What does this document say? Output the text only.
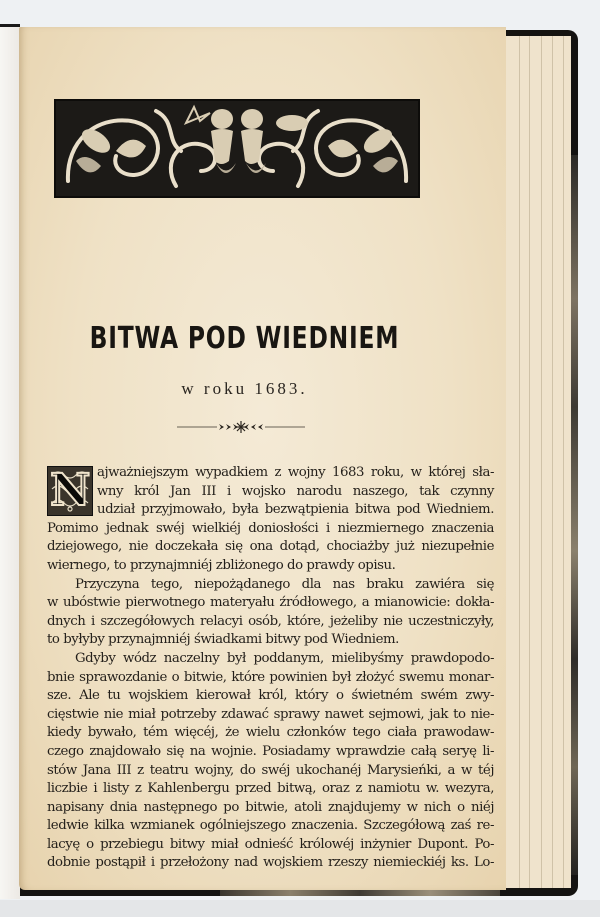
BITWA POD WIEDNIEM
w roku 1683.
N ajważniejszym wypadkiem z wojny 1683 roku, w której sła-
wny król Jan III i wojsko narodu naszego, tak czynny
udział przyjmowało, była bezwątpienia bitwa pod Wiedniem.
Pomimo jednak swéj wielkiéj doniosłości i niezmiernego znaczenia
dziejowego, nie doczekała się ona dotąd, chociażby już niezupełnie
wiernego, to przynajmniéj zbliżonego do prawdy opisu.
Przyczyna tego, niepożądanego dla nas braku zawiéra się
w ubóstwie pierwotnego materyału źródłowego, a mianowicie: dokła-
dnych i szczegółowych relacyi osób, które, jeżeliby nie uczestniczyły,
to byłyby przynajmniéj świadkami bitwy pod Wiedniem.
Gdyby wódz naczelny był poddanym, mielibyśmy prawdopodo-
bnie sprawozdanie o bitwie, które powinien był złożyć swemu monar-
sze. Ale tu wojskiem kierował król, który o świetném swém zwy-
cięstwie nie miał potrzeby zdawać sprawy nawet sejmowi, jak to nie-
kiedy bywało, tém więcéj, że wielu członków tego ciała prawodaw-
czego znajdowało się na wojnie. Posiadamy wprawdzie całą seryę li-
stów Jana III z teatru wojny, do swéj ukochanéj Marysieńki, a w téj
liczbie i listy z Kahlenbergu przed bitwą, oraz z namiotu w. wezyra,
napisany dnia następnego po bitwie, atoli znajdujemy w nich o niéj
ledwie kilka wzmianek ogólniejszego znaczenia. Szczegółową zaś re-
lacyę o przebiegu bitwy miał odnieść królowéj inżynier Dupont. Po-
dobnie postąpił i przełożony nad wojskiem rzeszy niemieckiéj ks. Lo-
